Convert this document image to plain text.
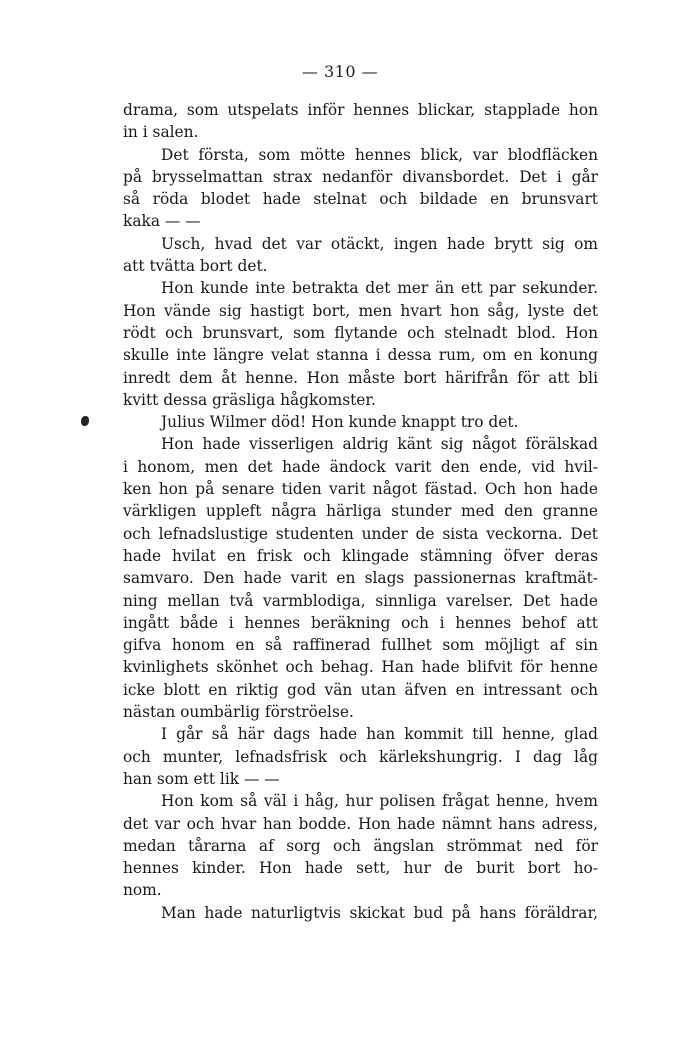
— 310 —
drama, som utspelats inför hennes blickar, stapplade hon
in i salen.
Det första, som mötte hennes blick, var blodfläcken
på brysselmattan strax nedanför divansbordet. Det i går
så röda blodet hade stelnat och bildade en brunsvart
kaka — —
Usch, hvad det var otäckt, ingen hade brytt sig om
att tvätta bort det.
Hon kunde inte betrakta det mer än ett par sekunder.
Hon vände sig hastigt bort, men hvart hon såg, lyste det
rödt och brunsvart, som flytande och stelnadt blod. Hon
skulle inte längre velat stanna i dessa rum, om en konung
inredt dem åt henne. Hon måste bort härifrån för att bli
kvitt dessa gräsliga hågkomster.
Julius Wilmer död! Hon kunde knappt tro det.
Hon hade visserligen aldrig känt sig något förälskad
i honom, men det hade ändock varit den ende, vid hvil-
ken hon på senare tiden varit något fästad. Och hon hade
värkligen uppleft några härliga stunder med den granne
och lefnadslustige studenten under de sista veckorna. Det
hade hvilat en frisk och klingade stämning öfver deras
samvaro. Den hade varit en slags passionernas kraftmät-
ning mellan två varmblodiga, sinnliga varelser. Det hade
ingått både i hennes beräkning och i hennes behof att
gifva honom en så raffinerad fullhet som möjligt af sin
kvinlighets skönhet och behag. Han hade blifvit för henne
icke blott en riktig god vän utan äfven en intressant och
nästan oumbärlig förströelse.
I går så här dags hade han kommit till henne, glad
och munter, lefnadsfrisk och kärlekshungrig. I dag låg
han som ett lik — —
Hon kom så väl i håg, hur polisen frågat henne, hvem
det var och hvar han bodde. Hon hade nämnt hans adress,
medan tårarna af sorg och ängslan strömmat ned för
hennes kinder. Hon hade sett, hur de burit bort ho-
nom.
Man hade naturligtvis skickat bud på hans föräldrar,
